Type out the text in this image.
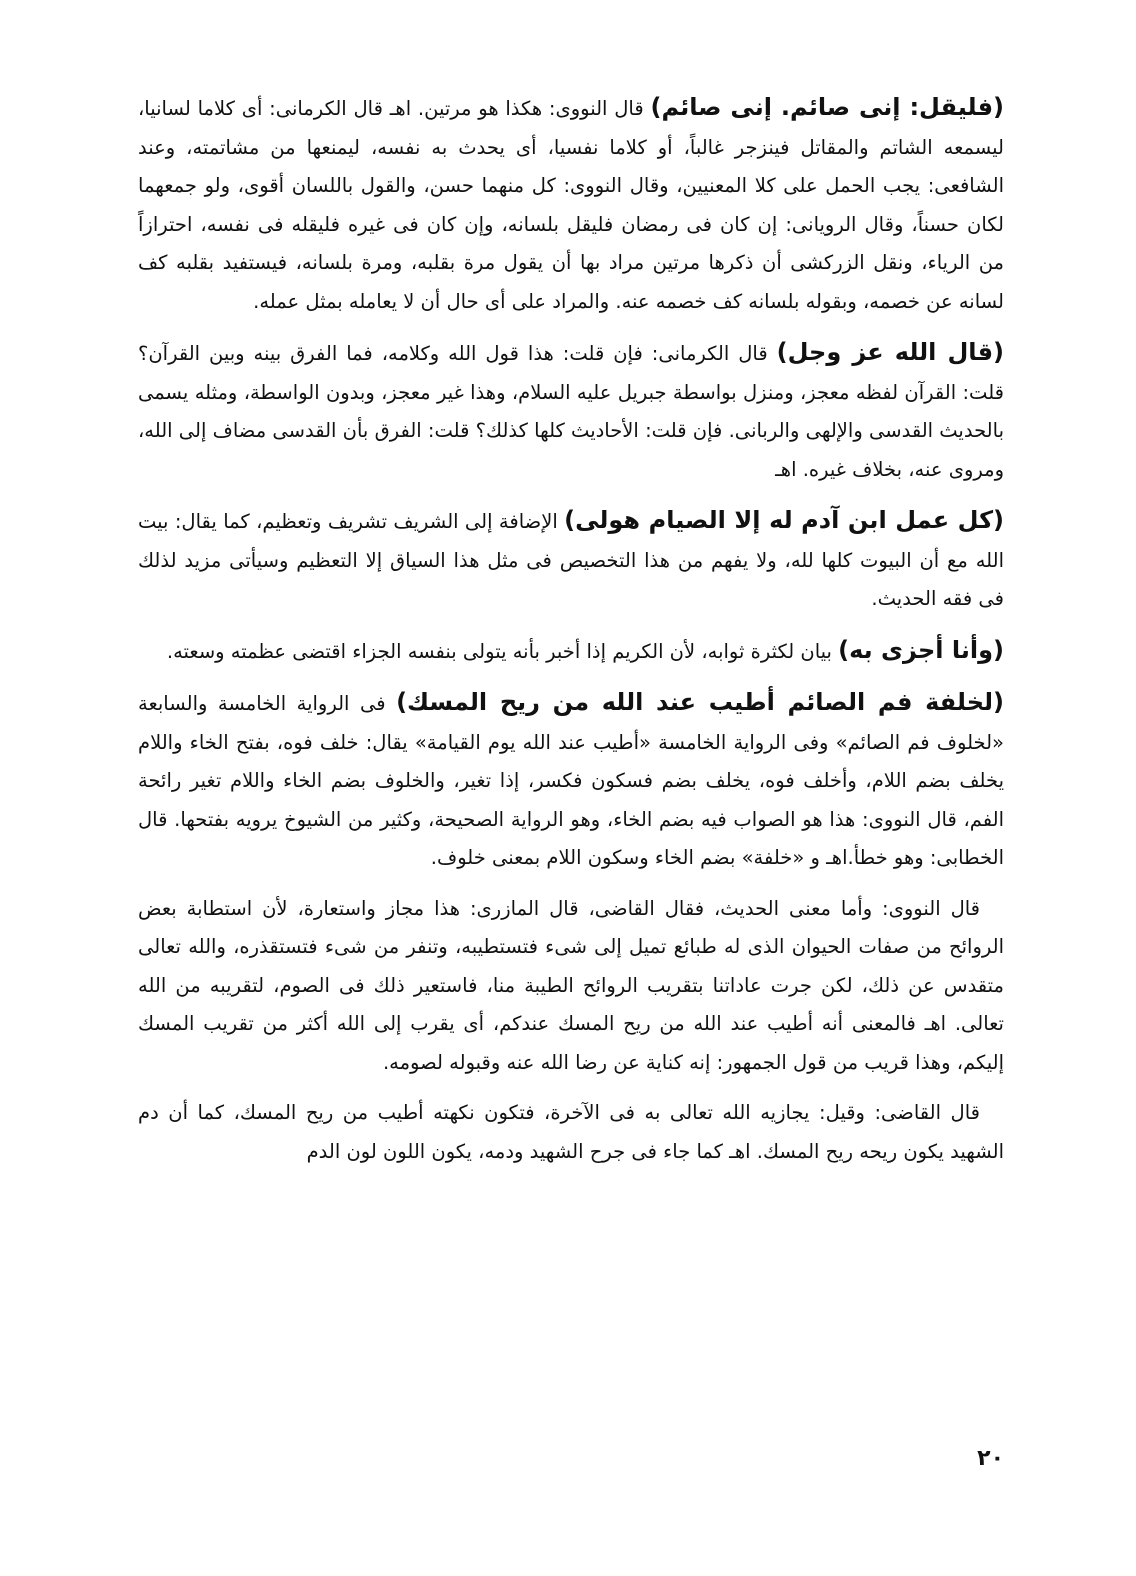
(فليقل: إنى صائم. إنى صائم) قال النووى: هكذا هو مرتين. اهـ قال الكرمانى: أى كلاما لسانيا، ليسمعه الشاتم والمقاتل فينزجر غالباً، أو كلاما نفسيا، أى يحدث به نفسه، ليمنعها من مشاتمته، وعند الشافعى: يجب الحمل على كلا المعنيين، وقال النووى: كل منهما حسن، والقول باللسان أقوى، ولو جمعهما لكان حسناً، وقال الرويانى: إن كان فى رمضان فليقل بلسانه، وإن كان فى غيره فليقله فى نفسه، احترازاً من الرياء، ونقل الزركشى أن ذكرها مرتين مراد بها أن يقول مرة بقلبه، ومرة بلسانه، فيستفيد بقلبه كف لسانه عن خصمه، وبقوله بلسانه كف خصمه عنه. والمراد على أى حال أن لا يعامله بمثل عمله.

(قال الله عز وجل) قال الكرمانى: فإن قلت: هذا قول الله وكلامه، فما الفرق بينه وبين القرآن؟ قلت: القرآن لفظه معجز، ومنزل بواسطة جبريل عليه السلام، وهذا غير معجز، وبدون الواسطة، ومثله يسمى بالحديث القدسى والإلهى والربانى. فإن قلت: الأحاديث كلها كذلك؟ قلت: الفرق بأن القدسى مضاف إلى الله، ومروى عنه، بخلاف غيره. اهـ

(كل عمل ابن آدم له إلا الصيام هولى) الإضافة إلى الشريف تشريف وتعظيم، كما يقال: بيت الله مع أن البيوت كلها لله، ولا يفهم من هذا التخصيص فى مثل هذا السياق إلا التعظيم وسيأتى مزيد لذلك فى فقه الحديث.

(وأنا أجزى به) بيان لكثرة ثوابه، لأن الكريم إذا أخبر بأنه يتولى بنفسه الجزاء اقتضى عظمته وسعته.

(لخلفة فم الصائم أطيب عند الله من ريح المسك) فى الرواية الخامسة والسابعة «لخلوف فم الصائم» وفى الرواية الخامسة «أطيب عند الله يوم القيامة» يقال: خلف فوه، بفتح الخاء واللام يخلف بضم اللام، وأخلف فوه، يخلف بضم فسكون فكسر، إذا تغير، والخلوف بضم الخاء واللام تغير رائحة الفم، قال النووى: هذا هو الصواب فيه بضم الخاء، وهو الرواية الصحيحة، وكثير من الشيوخ يرويه بفتحها. قال الخطابى: وهو خطأ.اهـ و «خلفة» بضم الخاء وسكون اللام بمعنى خلوف.

قال النووى: وأما معنى الحديث، فقال القاضى، قال المازرى: هذا مجاز واستعارة، لأن استطابة بعض الروائح من صفات الحيوان الذى له طبائع تميل إلى شىء فتستطيبه، وتنفر من شىء فتستقذره، والله تعالى متقدس عن ذلك، لكن جرت عاداتنا بتقريب الروائح الطيبة منا، فاستعير ذلك فى الصوم، لتقريبه من الله تعالى. اهـ فالمعنى أنه أطيب عند الله من ريح المسك عندكم، أى يقرب إلى الله أكثر من تقريب المسك إليكم، وهذا قريب من قول الجمهور: إنه كناية عن رضا الله عنه وقبوله لصومه.

قال القاضى: وقيل: يجازيه الله تعالى به فى الآخرة، فتكون نكهته أطيب من ريح المسك، كما أن دم الشهيد يكون ريحه ريح المسك. اهـ كما جاء فى جرح الشهيد ودمه، يكون اللون لون الدم

٢٠
